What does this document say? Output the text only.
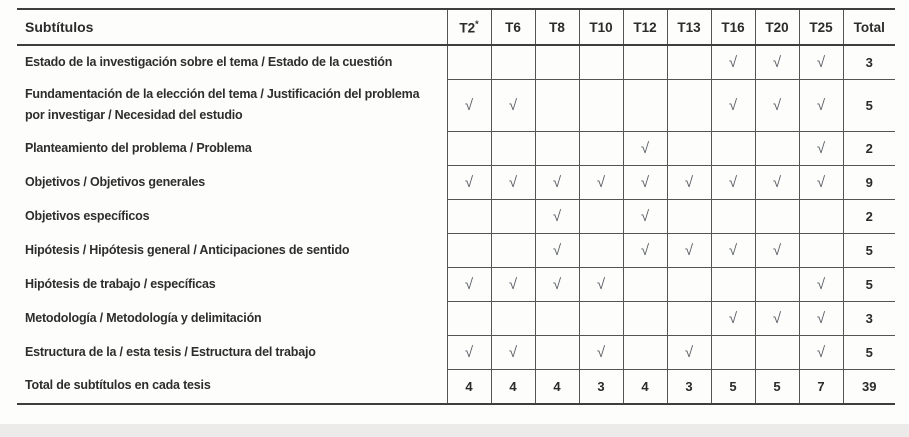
Subtítulos	T2*	T6	T8	T10	T12	T13	T16	T20	T25	Total
Estado de la investigación sobre el tema / Estado de la cuestión							√	√	√	3
Fundamentación de la elección del tema / Justificación del problema por investigar / Necesidad del estudio	√	√					√	√	√	5
Planteamiento del problema / Problema					√				√	2
Objetivos / Objetivos generales	√	√	√	√	√	√	√	√	√	9
Objetivos específicos			√		√					2
Hipótesis / Hipótesis general / Anticipaciones de sentido			√		√	√	√	√		5
Hipótesis de trabajo / específicas	√	√	√	√					√	5
Metodología / Metodología y delimitación							√	√	√	3
Estructura de la / esta tesis / Estructura del trabajo	√	√		√		√			√	5
Total de subtítulos en cada tesis	4	4	4	3	4	3	5	5	7	39
